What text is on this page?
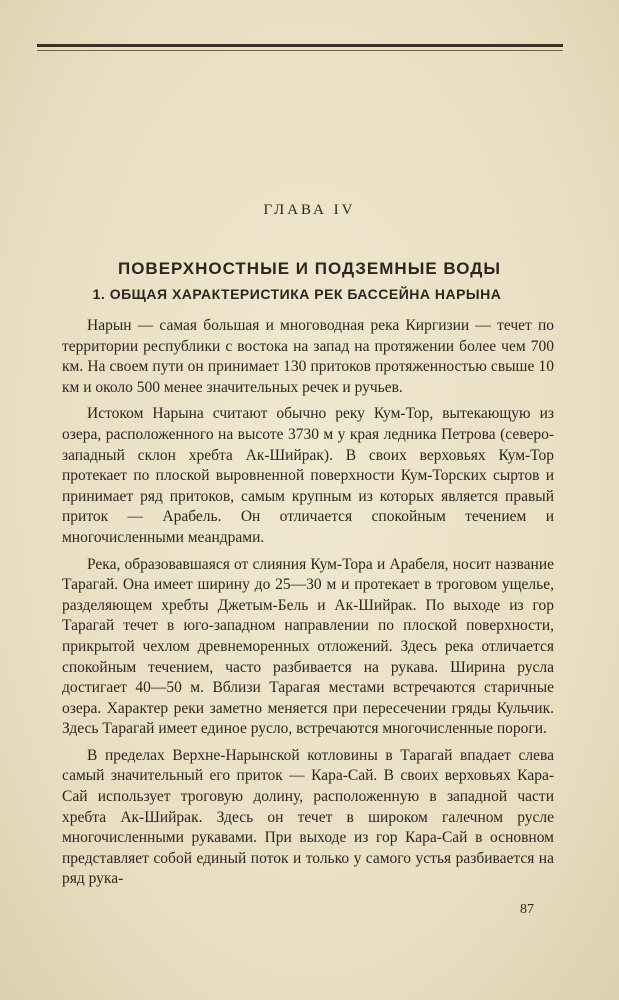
ГЛАВА IV
ПОВЕРХНОСТНЫЕ И ПОДЗЕМНЫЕ ВОДЫ
1. ОБЩАЯ ХАРАКТЕРИСТИКА РЕК БАССЕЙНА НАРЫНА

Нарын — самая большая и многоводная река Киргизии — течет по территории республики с востока на запад на протяжении более чем 700 км. На своем пути он принимает 130 притоков протяженностью свыше 10 км и около 500 менее значительных речек и ручьев.

Истоком Нарына считают обычно реку Кум-Тор, вытекающую из озера, расположенного на высоте 3730 м у края ледника Петрова (северо-западный склон хребта Ак-Шийрак). В своих верховьях Кум-Тор протекает по плоской выровненной поверхности Кум-Торских сыртов и принимает ряд притоков, самым крупным из которых является правый приток — Арабель. Он отличается спокойным течением и многочисленными меандрами.

Река, образовавшаяся от слияния Кум-Тора и Арабеля, носит название Тарагай. Она имеет ширину до 25—30 м и протекает в троговом ущелье, разделяющем хребты Джетым-Бель и Ак-Шийрак. По выходе из гор Тарагай течет в юго-западном направлении по плоской поверхности, прикрытой чехлом древнеморенных отложений. Здесь река отличается спокойным течением, часто разбивается на рукава. Ширина русла достигает 40—50 м. Вблизи Тарагая местами встречаются старичные озера. Характер реки заметно меняется при пересечении гряды Кульчик. Здесь Тарагай имеет единое русло, встречаются многочисленные пороги.

В пределах Верхне-Нарынской котловины в Тарагай впадает слева самый значительный его приток — Кара-Сай. В своих верховьях Кара-Сай использует троговую долину, расположенную в западной части хребта Ак-Шийрак. Здесь он течет в широком галечном русле многочисленными рукавами. При выходе из гор Кара-Сай в основном представляет собой единый поток и только у самого устья разбивается на ряд рука-

87
